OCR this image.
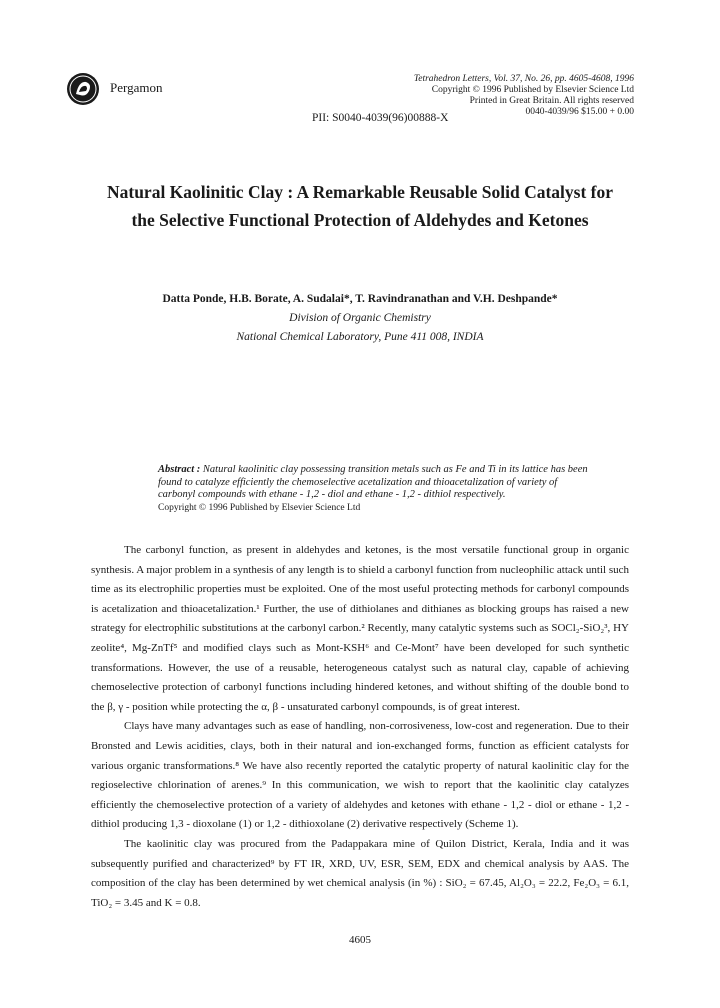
Pergamon
Tetrahedron Letters, Vol. 37, No. 26, pp. 4605-4608, 1996
Copyright © 1996 Published by Elsevier Science Ltd
Printed in Great Britain. All rights reserved
0040-4039/96 $15.00 + 0.00
PII: S0040-4039(96)00888-X
Natural Kaolinitic Clay : A Remarkable Reusable Solid Catalyst for
the Selective Functional Protection of Aldehydes and Ketones
Datta Ponde, H.B. Borate, A. Sudalai*, T. Ravindranathan and V.H. Deshpande*
Division of Organic Chemistry
National Chemical Laboratory, Pune 411 008, INDIA
Abstract : Natural kaolinitic clay possessing transition metals such as Fe and Ti in its lattice has been found to catalyze efficiently the chemoselective acetalization and thioacetalization of variety of carbonyl compounds with ethane - 1,2 - diol and ethane - 1,2 - dithiol respectively.
Copyright © 1996 Published by Elsevier Science Ltd

The carbonyl function, as present in aldehydes and ketones, is the most versatile functional group in organic synthesis. A major problem in a synthesis of any length is to shield a carbonyl function from nucleophilic attack until such time as its electrophilic properties must be exploited. One of the most useful protecting methods for carbonyl compounds is acetalization and thioacetalization.¹ Further, the use of dithiolanes and dithianes as blocking groups has raised a new strategy for electrophilic substitutions at the carbonyl carbon.² Recently, many catalytic systems such as SOCl₂-SiO₂³, HY zeolite⁴, Mg-ZnTf⁵ and modified clays such as Mont-KSH⁶ and Ce-Mont⁷ have been developed for such synthetic transformations. However, the use of a reusable, heterogeneous catalyst such as natural clay, capable of achieving chemoselective protection of carbonyl functions including hindered ketones, and without shifting of the double bond to the β, γ - position while protecting the α, β - unsaturated carbonyl compounds, is of great interest.

Clays have many advantages such as ease of handling, non-corrosiveness, low-cost and regeneration. Due to their Bronsted and Lewis acidities, clays, both in their natural and ion-exchanged forms, function as efficient catalysts for various organic transformations.⁸ We have also recently reported the catalytic property of natural kaolinitic clay for the regioselective chlorination of arenes.⁹ In this communication, we wish to report that the kaolinitic clay catalyzes efficiently the chemoselective protection of a variety of aldehydes and ketones with ethane - 1,2 - diol or ethane - 1,2 - dithiol producing 1,3 - dioxolane (1) or 1,2 - dithioxolane (2) derivative respectively (Scheme 1).

The kaolinitic clay was procured from the Padappakara mine of Quilon District, Kerala, India and it was subsequently purified and characterized⁹ by FT IR, XRD, UV, ESR, SEM, EDX and chemical analysis by AAS. The composition of the clay has been determined by wet chemical analysis (in %) : SiO₂ = 67.45, Al₂O₃ = 22.2, Fe₂O₃ = 6.1, TiO₂ = 3.45 and K = 0.8.

4605
